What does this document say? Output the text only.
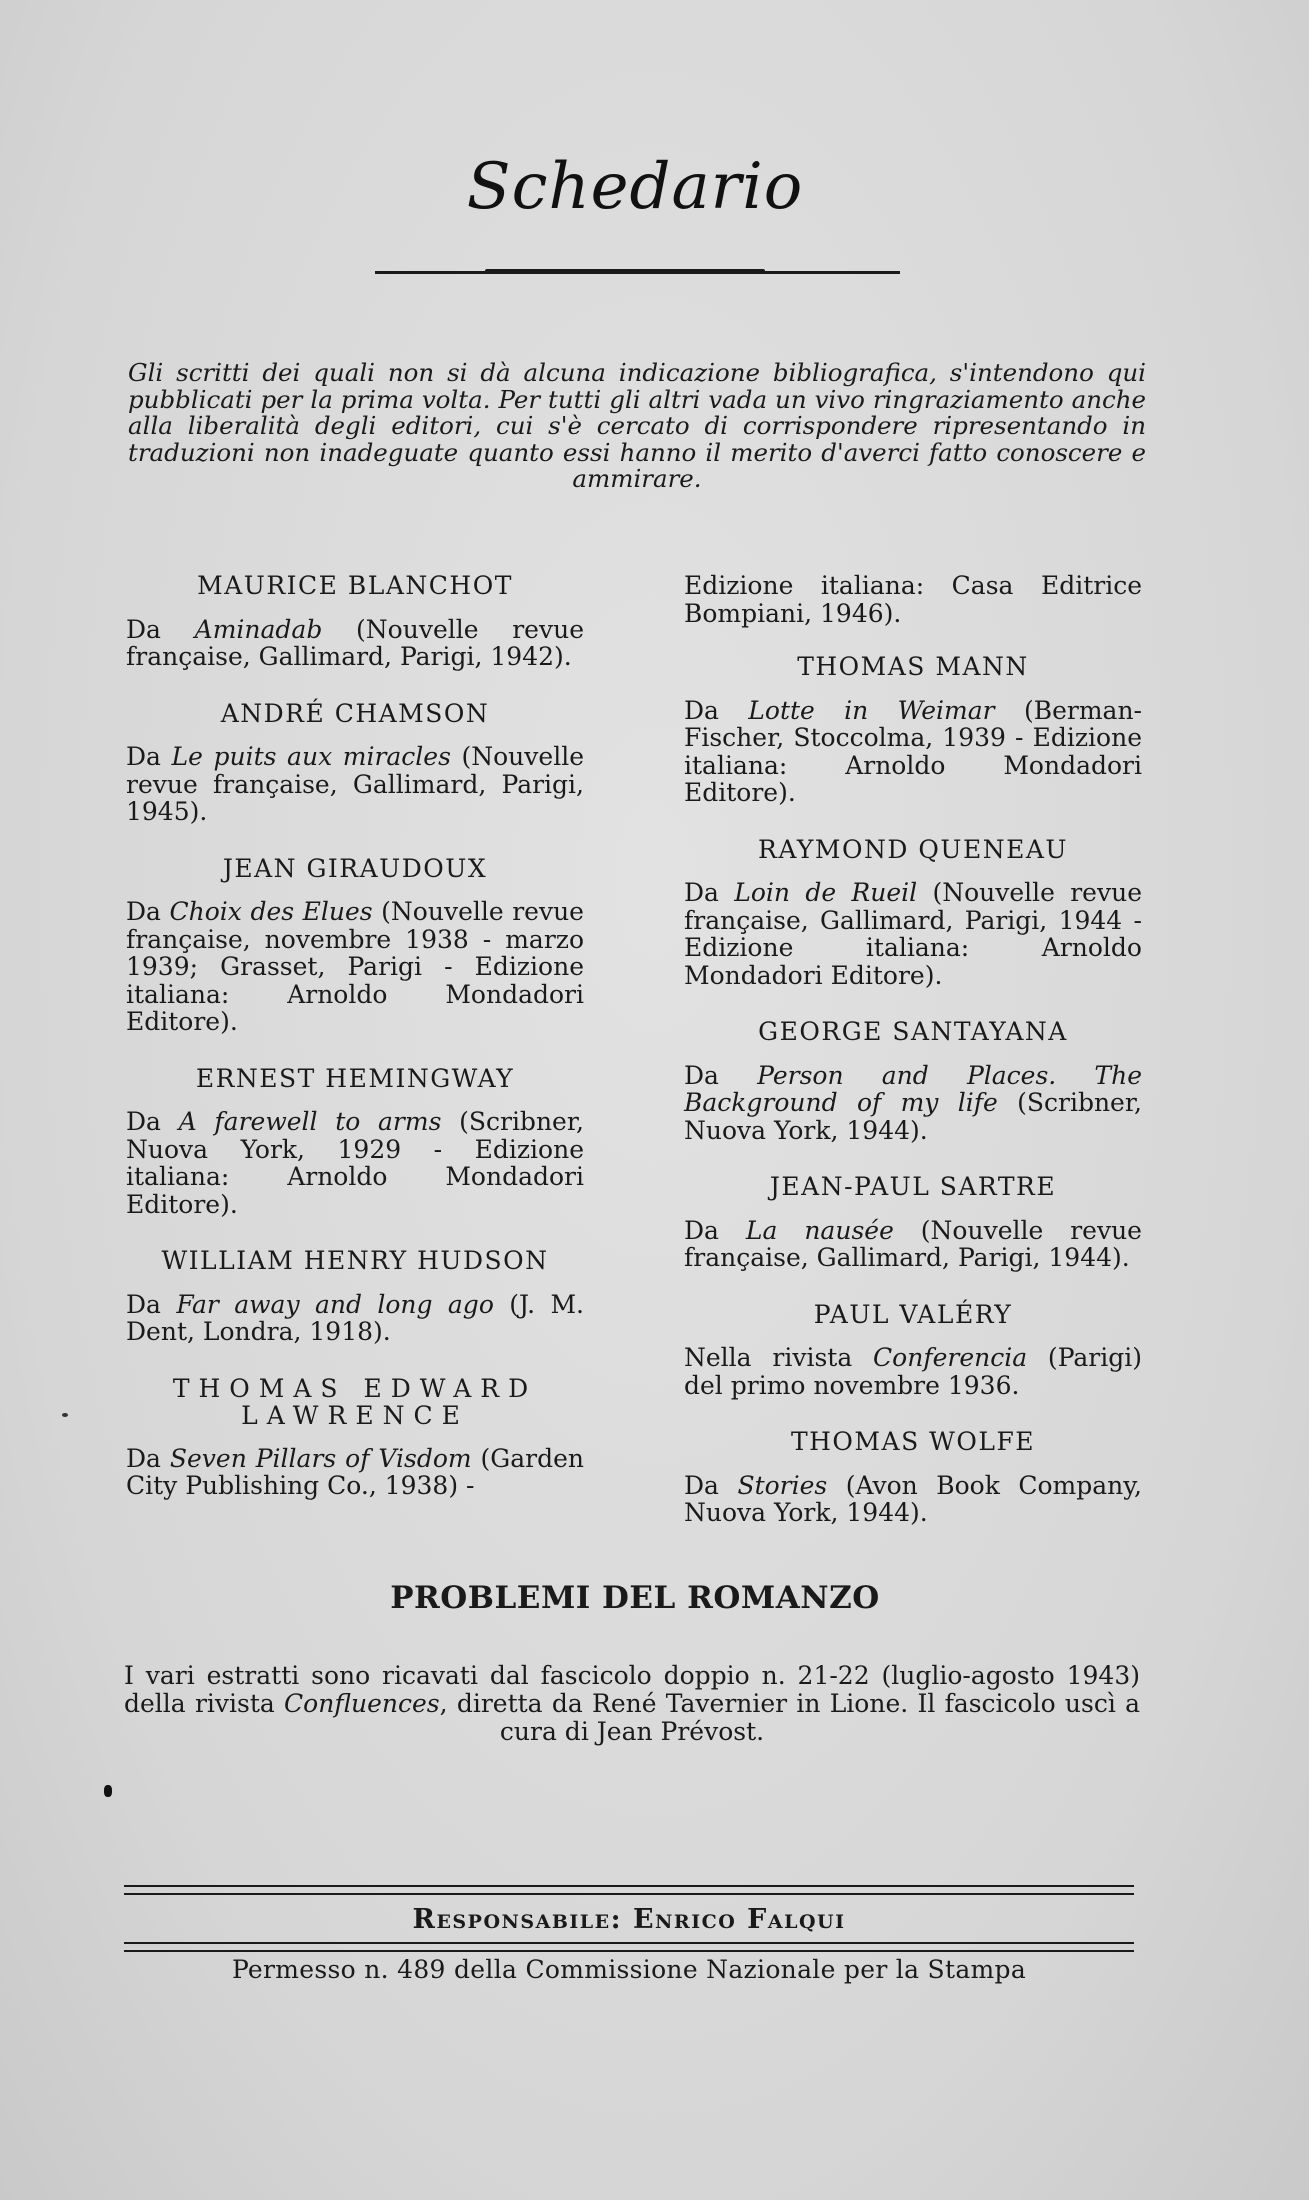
Schedario

Gli scritti dei quali non si dà alcuna indicazione bibliografica, s'intendono qui pubblicati per la prima volta. Per tutti gli altri vada un vivo ringraziamento anche alla liberalità degli editori, cui s'è cercato di corrispondere ripresentando in traduzioni non inadeguate quanto essi hanno il merito d'averci fatto conoscere e ammirare.

MAURICE BLANCHOT
Da Aminadab (Nouvelle revue française, Gallimard, Parigi, 1942).
ANDRÉ CHAMSON
Da Le puits aux miracles (Nouvelle revue française, Gallimard, Parigi, 1945).
JEAN GIRAUDOUX
Da Choix des Elues (Nouvelle revue française, novembre 1938 - marzo 1939; Grasset, Parigi - Edizione italiana: Arnoldo Mondadori Editore).
ERNEST HEMINGWAY
Da A farewell to arms (Scribner, Nuova York, 1929 - Edizione italiana: Arnoldo Mondadori Editore).
WILLIAM HENRY HUDSON
Da Far away and long ago (J. M. Dent, Londra, 1918).
THOMAS EDWARD LAWRENCE
Da Seven Pillars of Visdom (Garden City Publishing Co., 1938) -
Edizione italiana: Casa Editrice Bompiani, 1946).
THOMAS MANN
Da Lotte in Weimar (Berman-Fischer, Stoccolma, 1939 - Edizione italiana: Arnoldo Mondadori Editore).
RAYMOND QUENEAU
Da Loin de Rueil (Nouvelle revue française, Gallimard, Parigi, 1944 - Edizione italiana: Arnoldo Mondadori Editore).
GEORGE SANTAYANA
Da Person and Places. The Background of my life (Scribner, Nuova York, 1944).
JEAN-PAUL SARTRE
Da La nausée (Nouvelle revue française, Gallimard, Parigi, 1944).
PAUL VALÉRY
Nella rivista Conferencia (Parigi) del primo novembre 1936.
THOMAS WOLFE
Da Stories (Avon Book Company, Nuova York, 1944).
PROBLEMI DEL ROMANZO
I vari estratti sono ricavati dal fascicolo doppio n. 21-22 (luglio-agosto 1943) della rivista Confluences, diretta da René Tavernier in Lione. Il fascicolo uscì a cura di Jean Prévost.
Responsabile: Enrico Falqui
Permesso n. 489 della Commissione Nazionale per la Stampa
